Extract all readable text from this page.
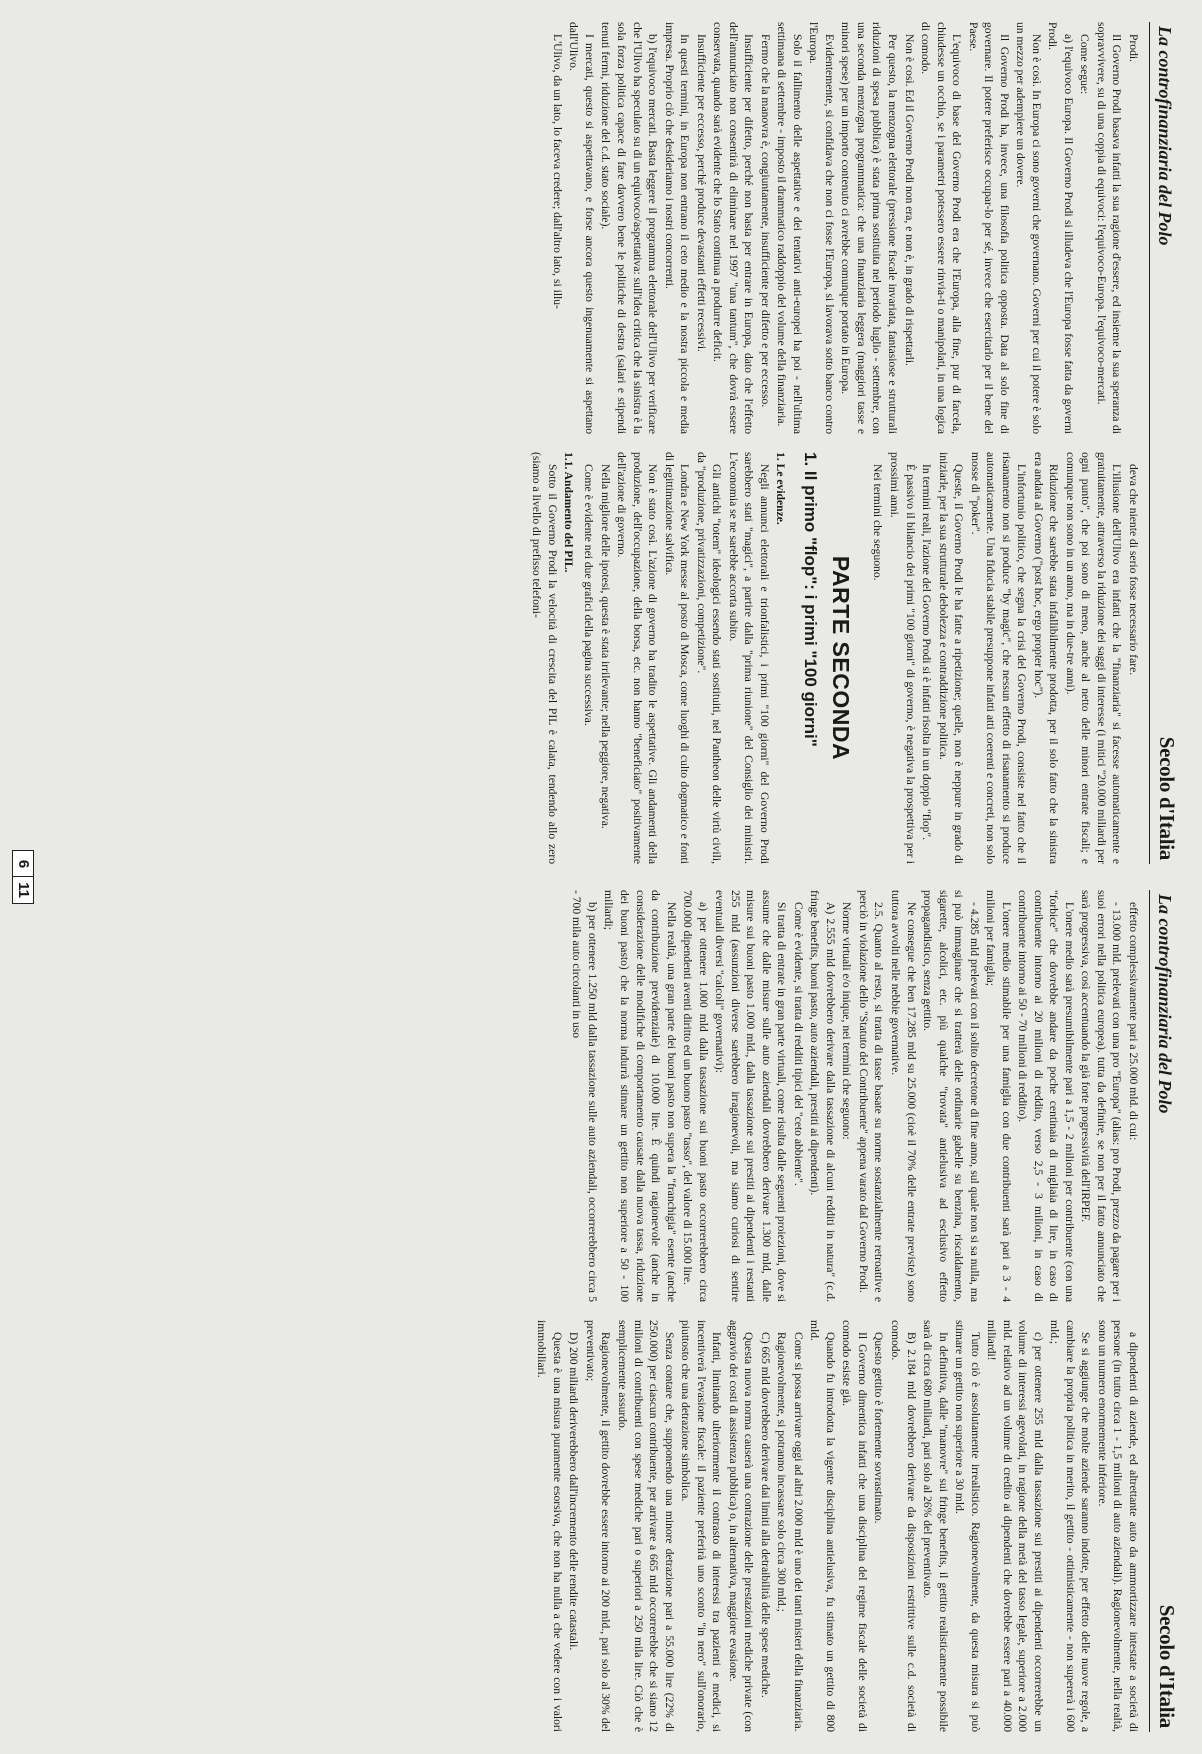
La controfinanziaria del Polo
Secolo d'Italia

Prodi.

Il Governo Prodi basava infatti la sua ragione d'essere, ed insieme la sua speranza di sopravvivere, su di una coppia di equivoci: l'equivoco-Europa. l'equivoco-mercati.

Come segue:

a) l'equivoco Europa. Il Governo Prodi si illudeva che l'Europa fosse fatta da governi Prodi.

Non è così. In Europa ci sono governi che governano. Governi per cui il potere è solo un mezzo per adempiere un dovere.

Il Governo Prodi ha, invece, una filosofia politica opposta. Data al solo fine di governare. Il potere preferisce occupar-lo per sé, invece che esercitarlo per il bene del Paese.

L'equivoco di base del Governo Prodi era che l'Europa, alla fine, pur di farcela, chiudesse un occhio, se i parametri potessero essere rinvia-ti o manipolati, in una logica di comodo.

Non è così. Ed il Governo Prodi non era, e non è, in grado di rispettarli.

Per questo, la menzogna elettorale (pressione fiscale invariata, fantasiose e strutturali riduzioni di spesa pubblica) è stata prima sostituita nel periodo luglio - settembre, con una seconda menzogna programmatica: che una finanziaria leggera (maggiori tasse e minori spese) per un importo contenuto ci avrebbe comunque portato in Europa.

Evidentemente, si confidava che non ci fosse l'Europa, si lavorava sotto banco contro l'Europa.

Solo il fallimento delle aspettative e dei tentativi anti-europei ha poi - nell'ultima settimana di settembre - imposto il drammatico raddoppio del volume della finanziaria.

Fermo che la manovra è, congiuntamente, insufficiente per difetto e per eccesso.

Insufficiente per difetto, perché non basta per entrare in Europa, dato che l'effetto dell'annunciato non consentirà di eliminare nel 1997 "una tantum", che dovrà essere conservata, quando sarà evidente che lo Stato continua a produrre deficit.

Insufficiente per eccesso, perché produce devastanti effetti recessivi.

In questi termini, in Europa non entrano il ceto medio e la nostra piccola e media impresa. Proprio ciò che desideriamo i nostri concorrenti.

b) l'equivoco mercati. Basta leggere il programma elettorale dell'Ulivo per verificare che l'Ulivo ha speculato su di un equivoco/aspettativa: sull'idea critica che la sinistra è la sola forza politica capace di fare davvero bene le politiche di destra (salari e stipendi tenuti fermi, riduzione del c.d. stato sociale).

I mercati, questo si aspettavano, e forse ancora questo ingenuamente si aspettano dall'Ulivo.

L'Ulivo, da un lato, lo faceva credere; dall'altro lato, si illu-

deva che niente di serio fosse necessario fare.

L'illusione dell'Ulivo era infatti che la "finanziaria" si facesse automaticamente e gratuitamente, attraverso la riduzione dei saggi di interesse (i mitici "20.000 miliardi per ogni punto", che poi sono di meno, anche al netto delle minori entrate fiscali; e comunque non sono in un anno, ma in due-tre anni).

Riduzione che sarebbe stata infallibilmente prodotta, per il solo fatto che la sinistra era andata al Governo ("post hoc, ergo propter hoc").

L'infortunio politico, che segna la crisi del Governo Prodi, consiste nel fatto che il risanamento non si produce "by magic", che nessun effetto di risanamento si produce automaticamente. Una fiducia stabile presuppone infatti atti coerenti e concreti, non solo mosse di "poker".

Queste, il Governo Prodi le ha fatte a ripetizione; quelle, non è neppure in grado di iniziarle, per la sua strutturale debolezza e contraddizione politica.

In termini reali, l'azione del Governo Prodi si è infatti risolta in un doppio "flop".

È passivo il bilancio dei primi "100 giorni" di governo, è negativa la prospettiva per i prossimi anni.

Nei termini che seguono.

PARTE SECONDA
1. Il primo "flop": i primi "100 giorni"

1. Le evidenze.

Negli annunci elettorali e trionfalistici, i primi "100 giorni" del Governo Prodi sarebbero stati "magici", a partire dalla "prima riunione" del Consiglio dei ministri. L'economia se ne sarebbe accorta subito.

Gli antichi "totem" ideologici essendo stati sostituiti, nel Pantheon delle virtù civili, da "produzione, privatizzazioni, competizione".

Londra e New York messe al posto di Mosca, come luoghi di culto dogmatico e fonti di legittimazione salvifica.

Non è stato così. L'azione di governo ha tradito le aspettative. Gli andamenti della produzione, dell'occupazione, della borsa, etc. non hanno "beneficiato" positivamente dell'azione di governo.

Nella migliore delle ipotesi, questa è stata irrilevante; nella peggiore, negativa.

Come è evidente nei due grafici della pagina successiva.

1.1. Andamento del PIL.

Sotto il Governo Prodi la velocità di crescita del PIL è calata, tendendo allo zero (siamo a livello di prefisso telefoni-

6
La controfinanziaria del Polo
Secolo d'Italia

effetto complessivamente pari a 25.000 mld. di cui:

- 13.000 mld. prelevati con una pro "Europa" (alias: pro Prodi, prezzo da pagare per i suoi errori nella politica europea). tutta da definire, se non per il fatto annunciato che sarà progressiva, così accentuando la già forte progressività dell'IRPEF.

L'onere medio sarà presumibilmente pari a 1,5 - 2 milioni per contribuente (con una "forbice" che dovrebbe andare da poche centinaia di migliaia di lire, in caso di contribuente intorno ai 20 milioni di reddito, verso 2,5 - 3 milioni, in caso di contribuente intorno ai 50 - 70 milioni di reddito).

L'onere medio stimabile per una famiglia con due contribuenti sarà pari a 3 - 4 milioni per famiglia;

- 4.285 mld prelevati con il solito decretone di fine anno, sul quale non si sa nulla, ma si può immaginare che si tratterà delle ordinarie gabelle su benzina, riscaldamento, sigarette, alcolici, etc. più qualche "trovata" antielusiva ad esclusivo effetto propagandistico, senza gettito.

Ne consegue che ben 17.285 mld su 25.000 (cioè il 70% delle entrate previste) sono tuttora avvolti nelle nebbie governative.

2.5. Quanto al resto, si tratta di tasse basate su norme sostanzialmente retroattive e perciò in violazione dello "Statuto del Contribuente" appena varato dal Governo Prodi.

Norme virtuali e/o inique, nei termini che seguono:

A) 2.555 mld dovrebbero derivare dalla tassazione di alcuni redditi in natura" (c.d. fringe benefits, buoni pasto, auto aziendali, prestiti ai dipendenti).

Come è evidente, si tratta di redditi tipici del "ceto abbiente".

Si tratta di entrate in gran parte virtuali, come risulta dalle seguenti proiezioni, dove si assume che dalle misure sulle auto aziendali dovrebbero derivare 1.300 mld, dalle misure sui buoni pasto 1.000 mld., dalla tassazione sui prestiti ai dipendenti i restanti 255 mld (assunzioni diverse sarebbero irragionevoli, ma siamo curiosi di sentire eventuali diversi "calcoli" governativi):

a) per ottenere 1.000 mld dalla tassazione sui buoni pasto occorrerebbero circa 700.000 dipendenti aventi diritto ed un buono pasto "tasso", del valore di 15.000 lire.

Nella realtà, una gran parte dei buoni pasto non supera la "franchigia" esente (anche da contribuzione previdenziale) di 10.000 lire. È quindi ragionevole (anche in considerazione delle modifiche di comportamento causate dalla nuova tassa, riduzione dei buoni pasto) che la norma indurrà stimare un gettito non superiore a 50 - 100 miliardi;

b) per ottenere 1.250 mld dalla tassazione sulle auto aziendali, occorrerebbero circa 5 - 700 mila auto circolanti in uso

a dipendenti di aziende, ed altrettante auto da ammortizzare intestate a società di persone (in tutto circa 1 - 1,5 milioni di auto aziendali). Ragionevolmente, nella realtà, sono un numero enormemente inferiore.

Se si aggiunge che molte aziende saranno indotte, per effetto delle nuove regole, a cambiare la propria politica in merito, il gettito - ottimisticamente - non supererà i 600 mld.;

c) per ottenere 255 mld dalla tassazione sui prestiti ai dipendenti occorrerebbe un volume di interessi agevolati, in ragione della metà del tasso legale, superiore a 2.000 mld. relativo ad un volume di credito ai dipendenti che dovrebbe essere pari a 40.000 miliardi!

Tutto ciò è assolutamente irrealistico. Ragionevolmente, da questa misura si può stimare un gettito non superiore a 30 mld.

In definitiva, dalle "manovre" sui fringe benefits, il gettito realisticamente possibile sarà di circa 680 miliardi, pari solo al 26% del preventivato.

B) 2.184 mld dovrebbero derivare da disposizioni restrittive sulle c.d. società di comodo.

Questo gettito è fortemente sovrastimato.

Il Governo dimentica infatti che una disciplina del regime fiscale delle società di comodo esiste già.

Quando fu introdotta la vigente disciplina antielusiva, fu stimato un gettito di 800 mld.

Come si possa arrivare oggi ad altri 2.000 mld è uno dei tanti misteri della finanziaria.

Ragionevolmente, si potranno incassare solo circa 300 mld.;

C) 665 mld dovrebbero derivare dai limiti alla detraibilità delle spese mediche.

Questa nuova norma causerà una contrazione delle prestazioni mediche private (con aggravio dei costi di assistenza pubblica) o, in alternativa, maggiore evasione.

Infatti, limitando ulteriormente il contrasto di interessi tra pazienti e medici, si incentiverà l'evasione fiscale: il paziente preferirà uno sconto "in nero" sull'onorario, piuttosto che una detrazione simbolica.

Senza contare che, supponendo una minore detrazione pari a 55.000 lire (22% di 250.000) per ciascun contribuente, per arrivare a 665 mld occorrerebbe che si siano 12 milioni di contribuenti con spese mediche pari o superiori a 250 mila lire. Ciò che è semplicemente assurdo.

Ragionevolmente, il gettito dovrebbe essere intorno ai 200 mld., pari solo al 30% del preventivato;

D) 200 miliardi deriverebbero dall'incremento delle rendite catastali.

Questa è una misura puramente esorsiva, che non ha nulla a che vedere con i valori immobiliari.

11
